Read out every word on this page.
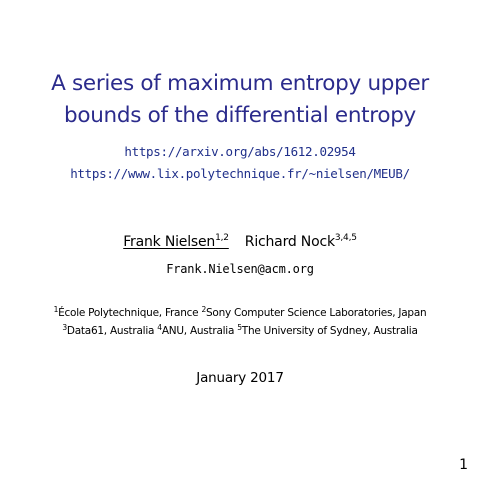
A series of maximum entropy upper
bounds of the differential entropy
https://arxiv.org/abs/1612.02954
https://www.lix.polytechnique.fr/~nielsen/MEUB/
Frank Nielsen$^{1,2}$ Richard Nock$^{3,4,5}$
Frank.Nielsen@acm.org
$^1$École Polytechnique, France $^2$Sony Computer Science Laboratories, Japan
$^3$Data61, Australia $^4$ANU, Australia $^5$The University of Sydney, Australia
January 2017
1
